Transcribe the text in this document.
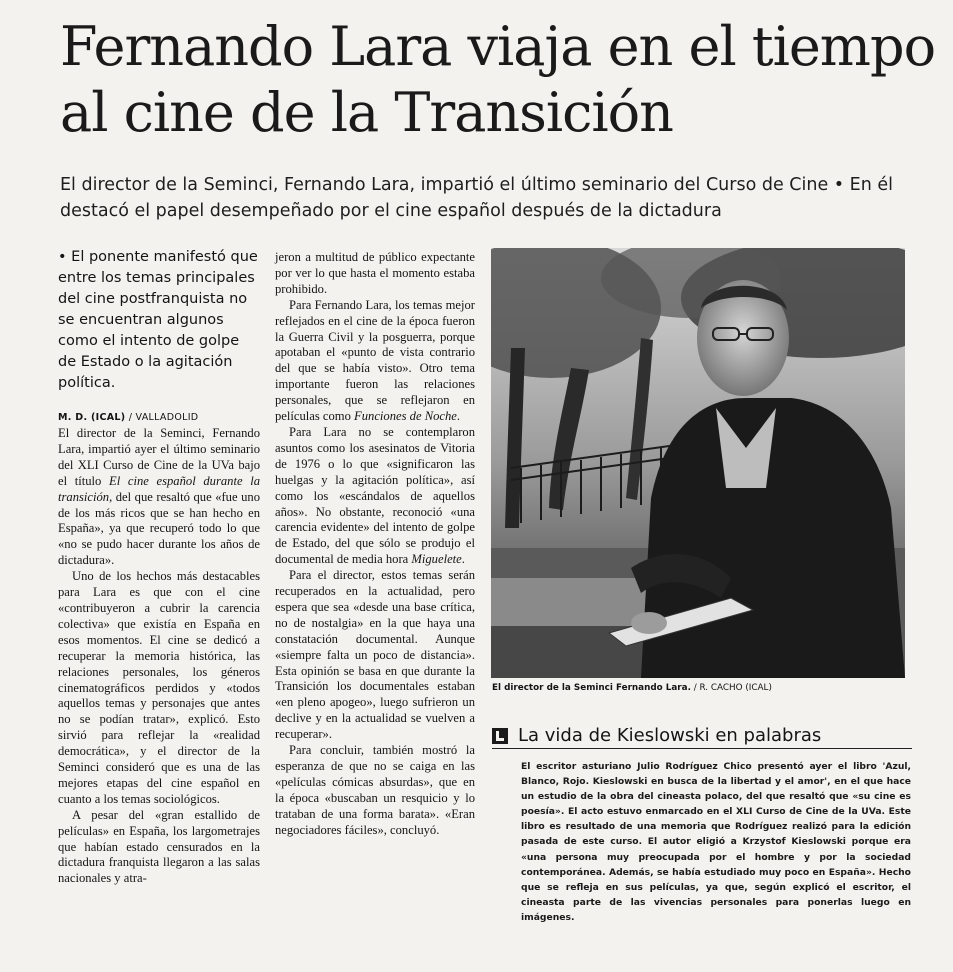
Fernando Lara viaja en el tiempo al cine de la Transición

El director de la Seminci, Fernando Lara, impartió el último seminario del Curso de Cine • En él destacó el papel desempeñado por el cine español después de la dictadura

• El ponente manifestó que entre los temas principales del cine postfranquista no se encuentran algunos como el intento de golpe de Estado o la agitación política.

M. D. (ICAL) / VALLADOLID

El director de la Seminci, Fernando Lara, impartió ayer el último seminario del XLI Curso de Cine de la UVa bajo el título El cine español durante la transición, del que resaltó que «fue uno de los más ricos que se han hecho en España», ya que recuperó todo lo que «no se pudo hacer durante los años de dictadura».

Uno de los hechos más destacables para Lara es que con el cine «contribuyeron a cubrir la carencia colectiva» que existía en España en esos momentos. El cine se dedicó a recuperar la memoria histórica, las relaciones personales, los géneros cinematográficos perdidos y «todos aquellos temas y personajes que antes no se podían tratar», explicó. Esto sirvió para reflejar la «realidad democrática», y el director de la Seminci consideró que es una de las mejores etapas del cine español en cuanto a los temas sociológicos.

A pesar del «gran estallido de películas» en España, los largometrajes que habían estado censurados en la dictadura franquista llegaron a las salas nacionales y atra-

jeron a multitud de público expectante por ver lo que hasta el momento estaba prohibido.

Para Fernando Lara, los temas mejor reflejados en el cine de la época fueron la Guerra Civil y la posguerra, porque apotaban el «punto de vista contrario del que se había visto». Otro tema importante fueron las relaciones personales, que se reflejaron en películas como Funciones de Noche.

Para Lara no se contemplaron asuntos como los asesinatos de Vitoria de 1976 o lo que «significaron las huelgas y la agitación política», así como los «escándalos de aquellos años». No obstante, reconoció «una carencia evidente» del intento de golpe de Estado, del que sólo se produjo el documental de media hora Miguelete.

Para el director, estos temas serán recuperados en la actualidad, pero espera que sea «desde una base crítica, no de nostalgia» en la que haya una constatación documental. Aunque «siempre falta un poco de distancia». Esta opinión se basa en que durante la Transición los documentales estaban «en pleno apogeo», luego sufrieron un declive y en la actualidad se vuelven a recuperar».

Para concluir, también mostró la esperanza de que no se caiga en las «películas cómicas absurdas», que en la época «buscaban un resquicio y lo trataban de una forma barata». «Eran negociadores fáciles», concluyó.

El director de la Seminci Fernando Lara. / R. CACHO (ICAL)
La vida de Kieslowski en palabras
El escritor asturiano Julio Rodríguez Chico presentó ayer el libro 'Azul, Blanco, Rojo. Kieslowski en busca de la libertad y el amor', en el que hace un estudio de la obra del cineasta polaco, del que resaltó que «su cine es poesía». El acto estuvo enmarcado en el XLI Curso de Cine de la UVa. Este libro es resultado de una memoria que Rodríguez realizó para la edición pasada de este curso. El autor eligió a Krzystof Kieslowski porque era «una persona muy preocupada por el hombre y por la sociedad contemporánea. Además, se había estudiado muy poco en España». Hecho que se refleja en sus películas, ya que, según explicó el escritor, el cineasta parte de las vivencias personales para ponerlas luego en imágenes.
